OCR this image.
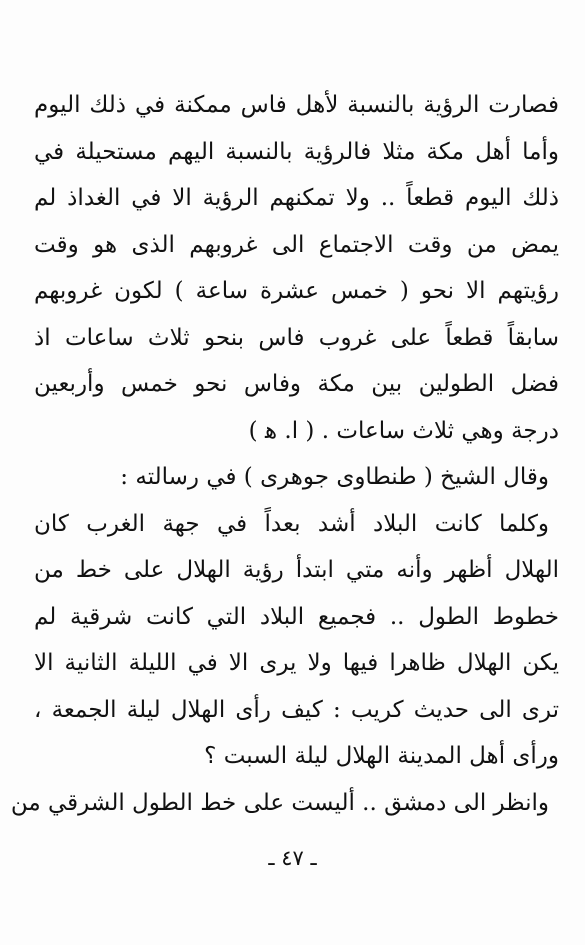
فصارت الرؤية بالنسبة لأهل فاس ممكنة في ذلك اليوم
وأما أهل مكة مثلا فالرؤية بالنسبة اليهم مستحيلة في
ذلك اليوم قطعاً .. ولا تمكنهم الرؤية الا في الغداذ لم
يمض من وقت الاجتماع الى غروبهم الذى هو وقت
رؤيتهم الا نحو ( خمس عشرة ساعة ) لكون غروبهم
سابقاً قطعاً على غروب فاس بنحو ثلاث ساعات اذ
فضل الطولين بين مكة وفاس نحو خمس وأربعين
درجة وهي ثلاث ساعات . ( ا. ﻫ )
وقال الشيخ ( طنطاوى جوهرى ) في رسالته :
وكلما كانت البلاد أشد بعداً في جهة الغرب كان
الهلال أظهر وأنه متي ابتدأ رؤية الهلال على خط من
خطوط الطول .. فجميع البلاد التي كانت شرقية لم
يكن الهلال ظاهرا فيها ولا يرى الا في الليلة الثانية الا
ترى الى حديث كريب : كيف رأى الهلال ليلة الجمعة ،
ورأى أهل المدينة الهلال ليلة السبت ؟
وانظر الى دمشق .. أليست على خط الطول الشرقي من
ـ ٤٧ ـ
